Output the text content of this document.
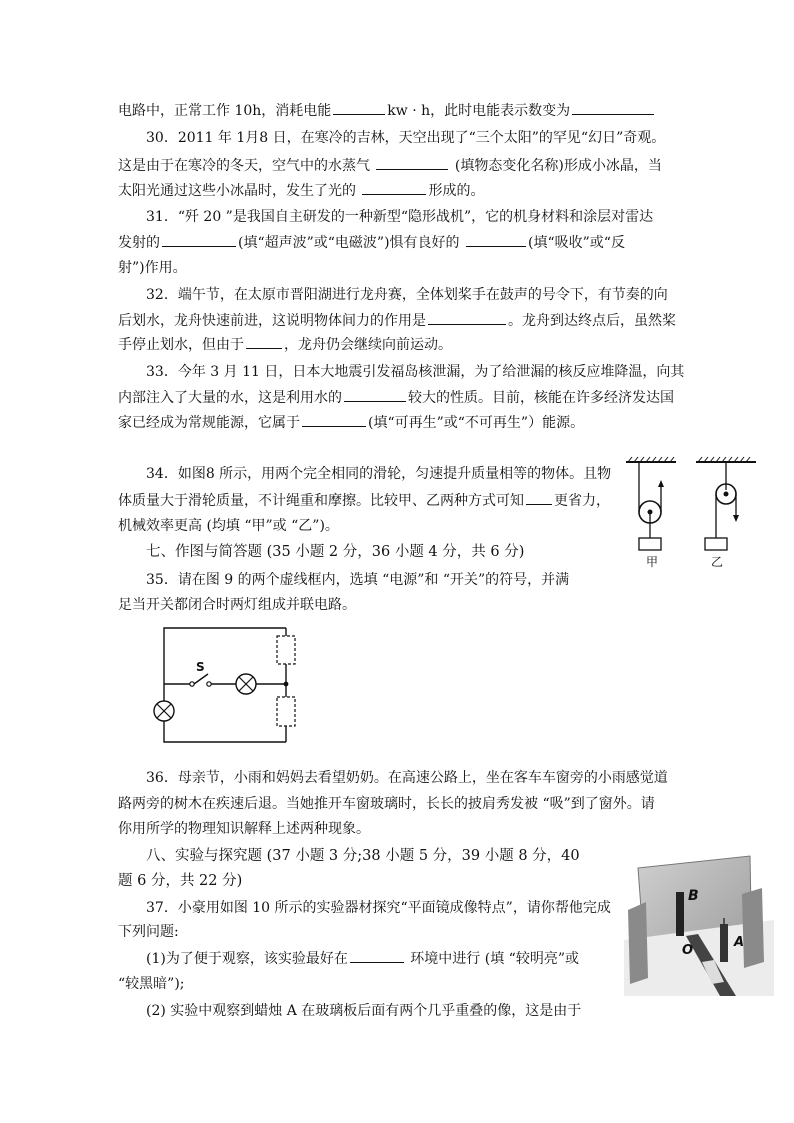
电路中，正常工作 10h，消耗电能	kw · h，此时电能表示数变为
30．2011 年 1月8 日，在寒冷的吉林，天空出现了“三个太阳”的罕见“幻日”奇观。
这是由于在寒冷的冬天，空气中的水蒸气	(填物态变化名称)形成小冰晶，当
太阳光通过这些小冰晶时，发生了光的	形成的。
31．“歼 20 ”是我国自主研发的一种新型“隐形战机”，它的机身材料和涂层对雷达
发射的	(填“超声波”或“电磁波”)惧有良好的	(填“吸收”或“反
射”)作用。
32．端午节，在太原市晋阳湖进行龙舟赛，全体划桨手在鼓声的号令下，有节奏的向
后划水，龙舟快速前进，这说明物体间力的作用是	。龙舟到达终点后，虽然桨
手停止划水，但由于	，龙舟仍会继续向前运动。
33．今年 3 月 11 日，日本大地震引发福岛核泄漏，为了给泄漏的核反应堆降温，向其
内部注入了大量的水，这是利用水的	较大的性质。目前，核能在许多经济发达国
家已经成为常规能源，它属于	(填“可再生”或“不可再生”）能源。
34．如图8 所示，用两个完全相同的滑轮，匀速提升质量相等的物体。且物
体质量大于滑轮质量，不计绳重和摩擦。比较甲、乙两种方式可知 更省力，
机械效率更高 (均填 “甲”或 “乙”)。
甲	乙
七、作图与简答题 (35 小题 2 分，36 小题 4 分，共 6 分)
35．请在图 9 的两个虚线框内，选填 “电源”和 “开关”的符号，并满
足当开关都闭合时两灯组成并联电路。
S
36．母亲节，小雨和妈妈去看望奶奶。在高速公路上，坐在客车车窗旁的小雨感觉道
路两旁的树木在疾速后退。当她推开车窗玻璃时，长长的披肩秀发被 “吸”到了窗外。请
你用所学的物理知识解释上述两种现象。
八、实验与探究题 (37 小题 3 分;38 小题 5 分，39 小题 8 分，40
题 6 分，共 22 分)
37．小豪用如图 10 所示的实验器材探究“平面镜成像特点”，请你帮他完成
下列问题:
(1)为了便于观察，该实验最好在	环境中进行 (填 “较明亮”或
“较黑暗”);
(2) 实验中观察到蜡烛 A 在玻璃板后面有两个几乎重叠的像，这是由于
B
O
A
